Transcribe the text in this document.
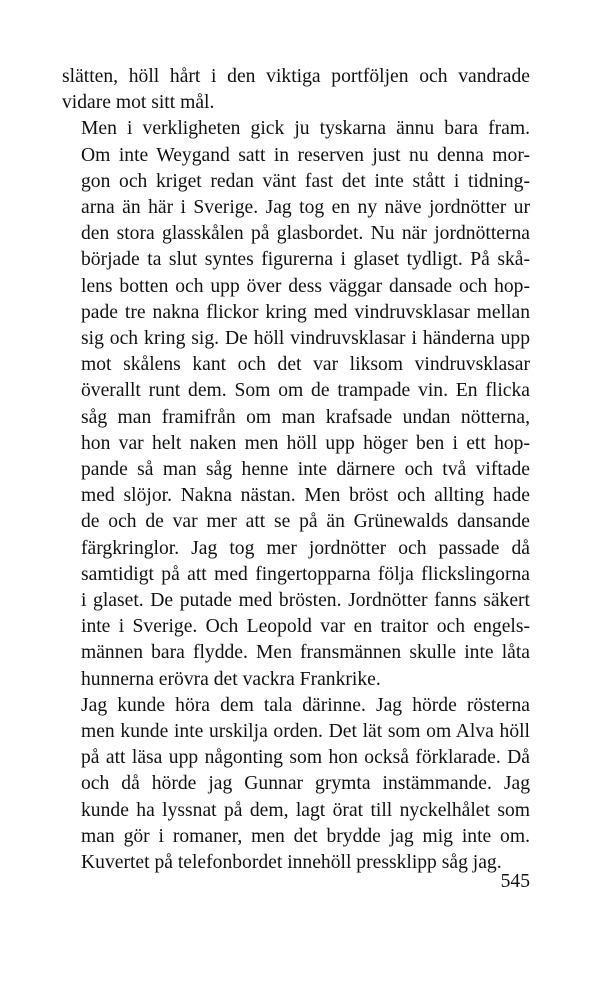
slätten, höll hårt i den viktiga portföljen och vandrade
vidare mot sitt mål.

Men i verkligheten gick ju tyskarna ännu bara fram.
Om inte Weygand satt in reserven just nu denna mor-
gon och kriget redan vänt fast det inte stått i tidning-
arna än här i Sverige. Jag tog en ny näve jordnötter ur
den stora glasskålen på glasbordet. Nu när jordnötterna
började ta slut syntes figurerna i glaset tydligt. På skå-
lens botten och upp över dess väggar dansade och hop-
pade tre nakna flickor kring med vindruvsklasar mellan
sig och kring sig. De höll vindruvsklasar i händerna upp
mot skålens kant och det var liksom vindruvsklasar
överallt runt dem. Som om de trampade vin. En flicka
såg man framifrån om man krafsade undan nötterna,
hon var helt naken men höll upp höger ben i ett hop-
pande så man såg henne inte därnere och två viftade
med slöjor. Nakna nästan. Men bröst och allting hade
de och de var mer att se på än Grünewalds dansande
färgkringlor. Jag tog mer jordnötter och passade då
samtidigt på att med fingertopparna följa flickslingorna
i glaset. De putade med brösten. Jordnötter fanns säkert
inte i Sverige. Och Leopold var en traitor och engels-
männen bara flydde. Men fransmännen skulle inte låta
hunnerna erövra det vackra Frankrike.

Jag kunde höra dem tala därinne. Jag hörde rösterna
men kunde inte urskilja orden. Det lät som om Alva höll
på att läsa upp någonting som hon också förklarade. Då
och då hörde jag Gunnar grymta instämmande. Jag
kunde ha lyssnat på dem, lagt örat till nyckelhålet som
man gör i romaner, men det brydde jag mig inte om.
Kuvertet på telefonbordet innehöll pressklipp såg jag.

545
